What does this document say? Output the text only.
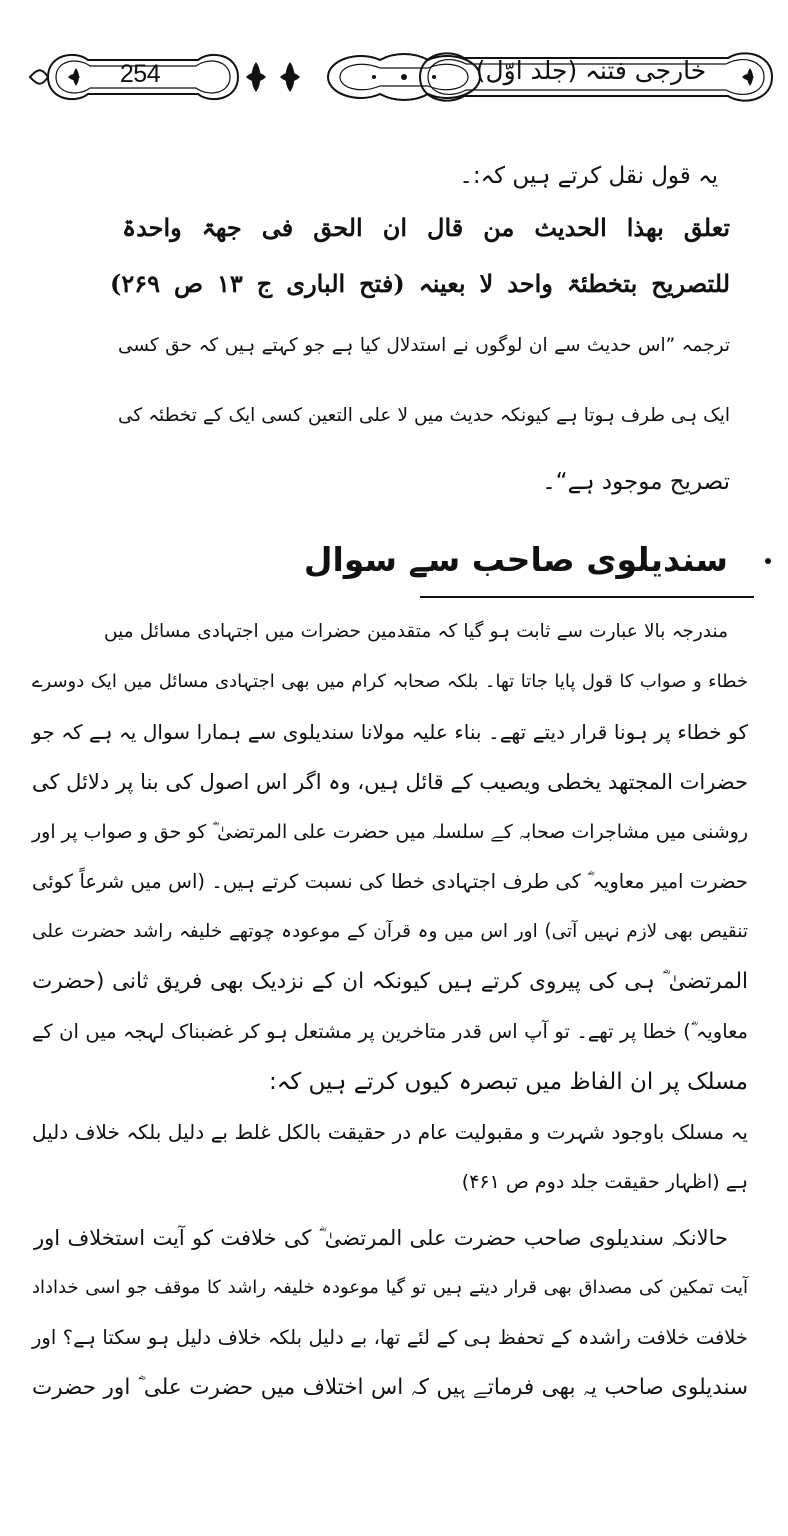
254	خارجی فتنہ (جلد اوّل)
یہ قول نقل کرتے ہیں کہ:۔
تعلق بھذا الحدیث من قال ان الحق فی جھۃ واحدۃ
للتصریح بتخطئۃ واحد لا بعینہ (فتح الباری ج ۱۳ ص ۲۶۹)
ترجمہ ”اس حدیث سے ان لوگوں نے استدلال کیا ہے جو کہتے ہیں کہ حق کسی
ایک ہی طرف ہوتا ہے کیونکہ حدیث میں لا علی التعین کسی ایک کے تخطئہ کی
تصریح موجود ہے“۔
سندیلوی صاحب سے سوال
مندرجہ بالا عبارت سے ثابت ہو گیا کہ متقدمین حضرات میں اجتہادی مسائل میں
خطاء و صواب کا قول پایا جاتا تھا۔ بلکہ صحابہ کرام میں بھی اجتہادی مسائل میں ایک دوسرے
کو خطاء پر ہونا قرار دیتے تھے۔ بناء علیہ مولانا سندیلوی سے ہمارا سوال یہ ہے کہ جو
حضرات المجتھد یخطی ویصیب کے قائل ہیں، وہ اگر اس اصول کی بنا پر دلائل کی
روشنی میں مشاجرات صحابہ کے سلسلہ میں حضرت علی المرتضیٰ ؓ کو حق و صواب پر اور
حضرت امیر معاویہ ؓ کی طرف اجتہادی خطا کی نسبت کرتے ہیں۔ (اس میں شرعاً کوئی
تنقیص بھی لازم نہیں آتی) اور اس میں وہ قرآن کے موعودہ چوتھے خلیفہ راشد حضرت علی
المرتضیٰ ؓ ہی کی پیروی کرتے ہیں کیونکہ ان کے نزدیک بھی فریق ثانی (حضرت
معاویہ ؓ) خطا پر تھے۔ تو آپ اس قدر متاخرین پر مشتعل ہو کر غضبناک لہجہ میں ان کے
مسلک پر ان الفاظ میں تبصرہ کیوں کرتے ہیں کہ:
یہ مسلک باوجود شہرت و مقبولیت عام در حقیقت بالکل غلط بے دلیل بلکہ خلاف دلیل
ہے (اظہار حقیقت جلد دوم ص ۴۶۱)
حالانکہ سندیلوی صاحب حضرت علی المرتضیٰ ؓ کی خلافت کو آیت استخلاف اور
آیت تمکین کی مصداق بھی قرار دیتے ہیں تو گیا موعودہ خلیفہ راشد کا موقف جو اسی خداداد
خلافت خلافت راشدہ کے تحفظ ہی کے لئے تھا، بے دلیل بلکہ خلاف دلیل ہو سکتا ہے؟ اور
سندیلوی صاحب یہ بھی فرماتے ہیں کہ اس اختلاف میں حضرت علی ؓ اور حضرت
